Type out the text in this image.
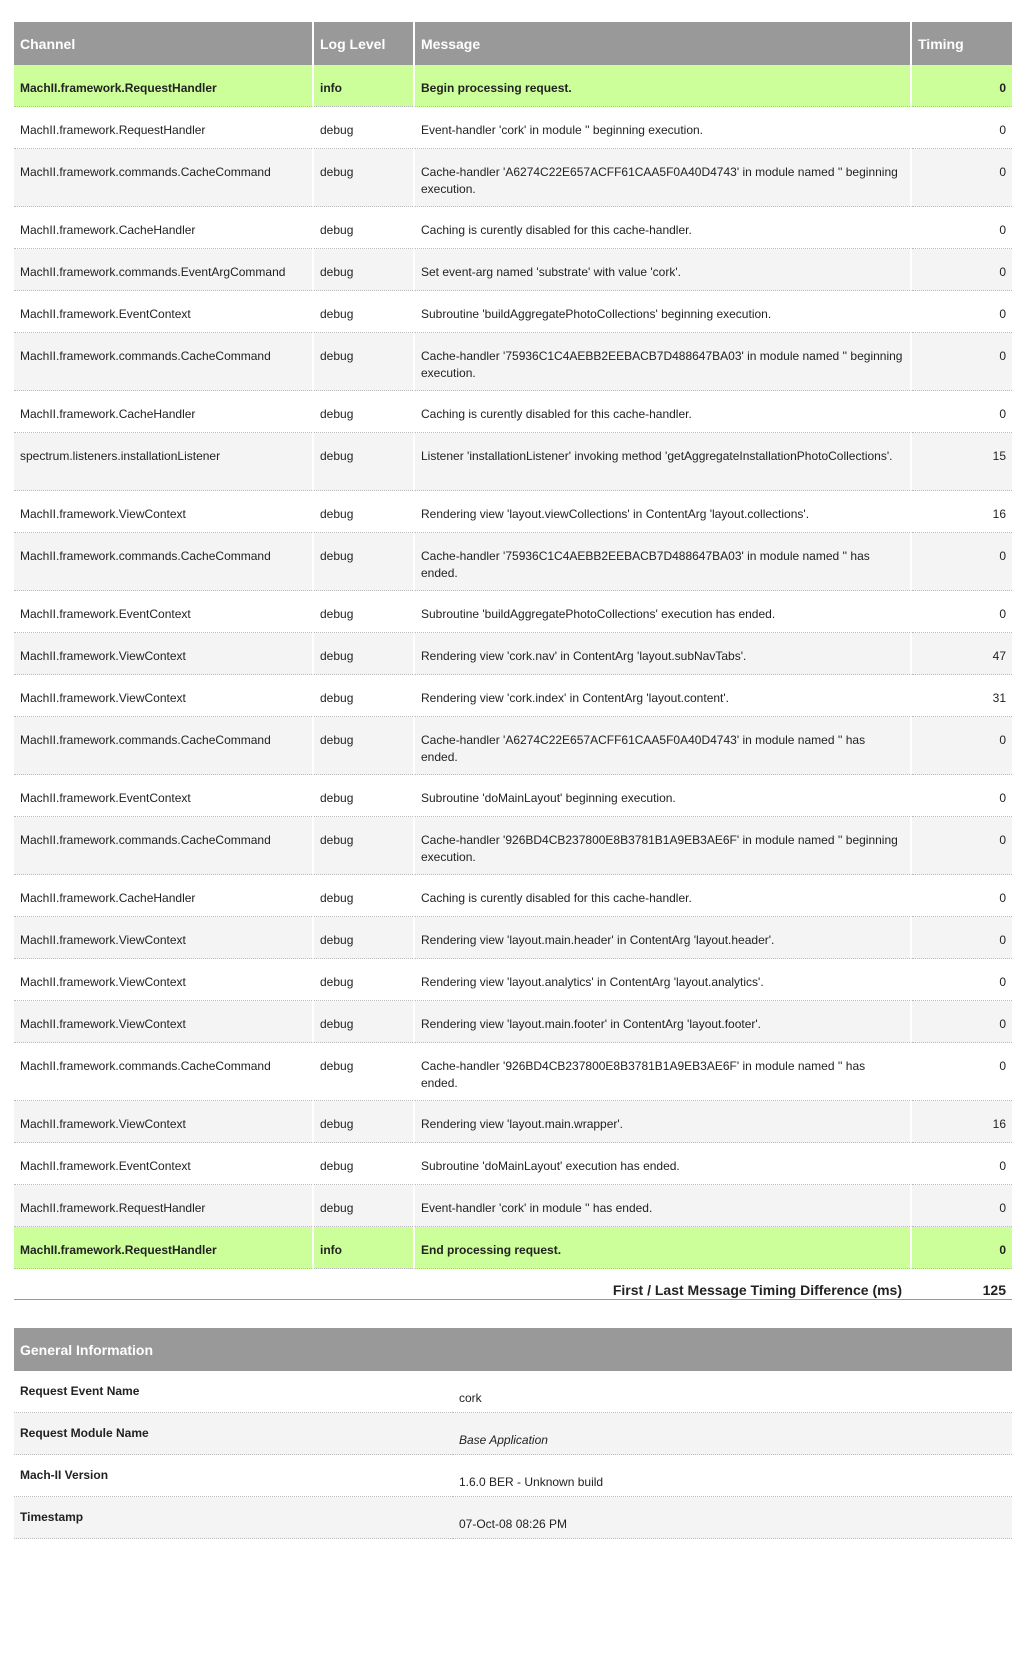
Channel	Log Level	Message	Timing
MachII.framework.RequestHandler	info	Begin processing request.	0
MachII.framework.RequestHandler	debug	Event-handler 'cork' in module '' beginning execution.	0
MachII.framework.commands.CacheCommand	debug	Cache-handler 'A6274C22E657ACFF61CAA5F0A40D4743' in module named '' beginning execution.	0
MachII.framework.CacheHandler	debug	Caching is curently disabled for this cache-handler.	0
MachII.framework.commands.EventArgCommand	debug	Set event-arg named 'substrate' with value 'cork'.	0
MachII.framework.EventContext	debug	Subroutine 'buildAggregatePhotoCollections' beginning execution.	0
MachII.framework.commands.CacheCommand	debug	Cache-handler '75936C1C4AEBB2EEBACB7D488647BA03' in module named '' beginning execution.	0
MachII.framework.CacheHandler	debug	Caching is curently disabled for this cache-handler.	0
spectrum.listeners.installationListener	debug	Listener 'installationListener' invoking method 'getAggregateInstallationPhotoCollections'.	15
MachII.framework.ViewContext	debug	Rendering view 'layout.viewCollections' in ContentArg 'layout.collections'.	16
MachII.framework.commands.CacheCommand	debug	Cache-handler '75936C1C4AEBB2EEBACB7D488647BA03' in module named '' has ended.	0
MachII.framework.EventContext	debug	Subroutine 'buildAggregatePhotoCollections' execution has ended.	0
MachII.framework.ViewContext	debug	Rendering view 'cork.nav' in ContentArg 'layout.subNavTabs'.	47
MachII.framework.ViewContext	debug	Rendering view 'cork.index' in ContentArg 'layout.content'.	31
MachII.framework.commands.CacheCommand	debug	Cache-handler 'A6274C22E657ACFF61CAA5F0A40D4743' in module named '' has ended.	0
MachII.framework.EventContext	debug	Subroutine 'doMainLayout' beginning execution.	0
MachII.framework.commands.CacheCommand	debug	Cache-handler '926BD4CB237800E8B3781B1A9EB3AE6F' in module named '' beginning execution.	0
MachII.framework.CacheHandler	debug	Caching is curently disabled for this cache-handler.	0
MachII.framework.ViewContext	debug	Rendering view 'layout.main.header' in ContentArg 'layout.header'.	0
MachII.framework.ViewContext	debug	Rendering view 'layout.analytics' in ContentArg 'layout.analytics'.	0
MachII.framework.ViewContext	debug	Rendering view 'layout.main.footer' in ContentArg 'layout.footer'.	0
MachII.framework.commands.CacheCommand	debug	Cache-handler '926BD4CB237800E8B3781B1A9EB3AE6F' in module named '' has ended.	0
MachII.framework.ViewContext	debug	Rendering view 'layout.main.wrapper'.	16
MachII.framework.EventContext	debug	Subroutine 'doMainLayout' execution has ended.	0
MachII.framework.RequestHandler	debug	Event-handler 'cork' in module '' has ended.	0
MachII.framework.RequestHandler	info	End processing request.	0
First / Last Message Timing Difference (ms)			125
General Information	
Request Event Name	cork
Request Module Name	Base Application
Mach-II Version	1.6.0 BER - Unknown build
Timestamp	07-Oct-08 08:26 PM
